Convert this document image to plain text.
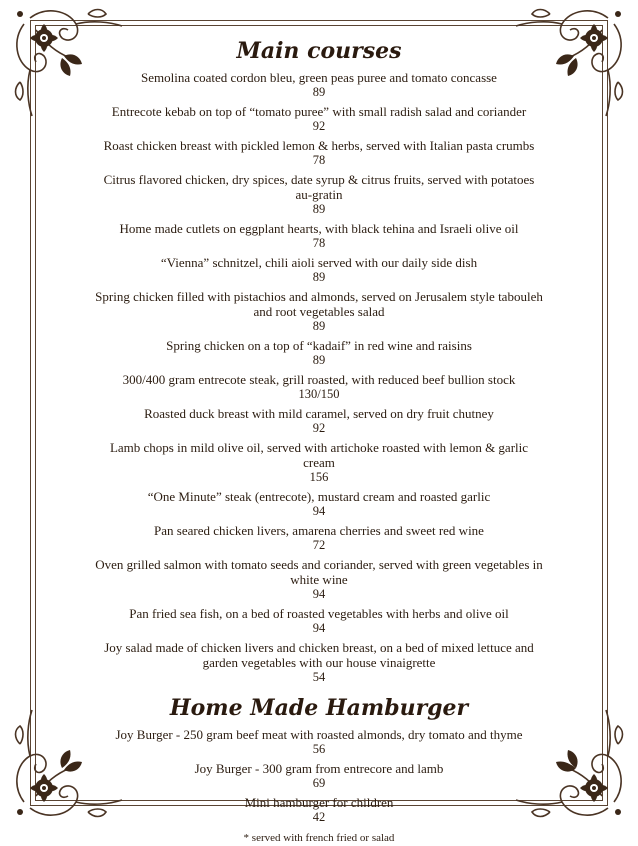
Main courses
Semolina coated cordon bleu, green peas puree and tomato concasse
89
Entrecote kebab on top of “tomato puree” with small radish salad and coriander
92
Roast chicken breast with pickled lemon & herbs, served with Italian pasta crumbs
78
Citrus flavored chicken, dry spices, date syrup & citrus fruits, served with potatoes au-gratin
89
Home made cutlets on eggplant hearts, with black tehina and Israeli olive oil
78
“Vienna” schnitzel, chili aioli served with our daily side dish
89
Spring chicken filled with pistachios and almonds, served on Jerusalem style tabouleh and root vegetables salad
89
Spring chicken on a top of “kadaif” in red wine and raisins
89
300/400 gram entrecote steak, grill roasted, with reduced beef bullion stock
130/150
Roasted duck breast with mild caramel, served on dry fruit chutney
92
Lamb chops in mild olive oil, served with artichoke roasted with lemon & garlic cream
156
“One Minute” steak (entrecote), mustard cream and roasted garlic
94
Pan seared chicken livers, amarena cherries and sweet red wine
72
Oven grilled salmon with tomato seeds and coriander, served with green vegetables in white wine
94
Pan fried sea fish, on a bed of roasted vegetables with herbs and olive oil
94
Joy salad made of chicken livers and chicken breast, on a bed of mixed lettuce and garden vegetables with our house vinaigrette
54
Home Made Hamburger
Joy Burger - 250 gram beef meat with roasted almonds, dry tomato and thyme
56
Joy Burger - 300 gram from entrecore and lamb
69
Mini hamburger for children
42
* served with french fried or salad
